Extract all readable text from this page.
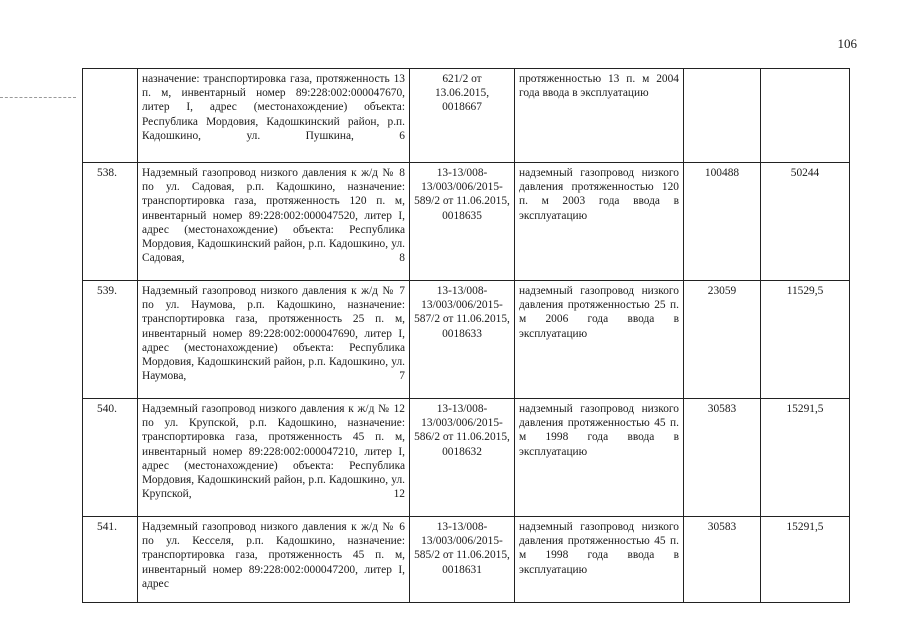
106
	назначение: транспортировка газа, протяженность 13 п. м, инвентарный номер 89:228:002:000047670, литер I, адрес (местонахождение) объекта: Республика Мордовия, Кадошкинский район, р.п. Кадошкино, ул. Пушкина, 6	621/2 от 13.06.2015, 0018667	протяженностью 13 п. м 2004 года ввода в эксплуатацию		
538.	Надземный газопровод низкого давления к ж/д № 8 по ул. Садовая, р.п. Кадошкино, назначение: транспортировка газа, протяженность 120 п. м, инвентарный номер 89:228:002:000047520, литер I, адрес (местонахождение) объекта: Республика Мордовия, Кадошкинский район, р.п. Кадошкино, ул. Садовая, 8	13-13/008-13/003/006/2015-589/2 от 11.06.2015, 0018635	надземный газопровод низкого давления протяженностью 120 п. м 2003 года ввода в эксплуатацию	100488	50244
539.	Надземный газопровод низкого давления к ж/д № 7 по ул. Наумова, р.п. Кадошкино, назначение: транспортировка газа, протяженность 25 п. м, инвентарный номер 89:228:002:000047690, литер I, адрес (местонахождение) объекта: Республика Мордовия, Кадошкинский район, р.п. Кадошкино, ул. Наумова, 7	13-13/008-13/003/006/2015-587/2 от 11.06.2015, 0018633	надземный газопровод низкого давления протяженностью 25 п. м 2006 года ввода в эксплуатацию	23059	11529,5
540.	Надземный газопровод низкого давления к ж/д № 12 по ул. Крупской, р.п. Кадошкино, назначение: транспортировка газа, протяженность 45 п. м, инвентарный номер 89:228:002:000047210, литер I, адрес (местонахождение) объекта: Республика Мордовия, Кадошкинский район, р.п. Кадошкино, ул. Крупской, 12	13-13/008-13/003/006/2015-586/2 от 11.06.2015, 0018632	надземный газопровод низкого давления протяженностью 45 п. м 1998 года ввода в эксплуатацию	30583	15291,5
541.	Надземный газопровод низкого давления к ж/д № 6 по ул. Кесселя, р.п. Кадошкино, назначение: транспортировка газа, протяженность 45 п. м, инвентарный номер 89:228:002:000047200, литер I, адрес	13-13/008-13/003/006/2015-585/2 от 11.06.2015, 0018631	надземный газопровод низкого давления протяженностью 45 п. м 1998 года ввода в эксплуатацию	30583	15291,5
